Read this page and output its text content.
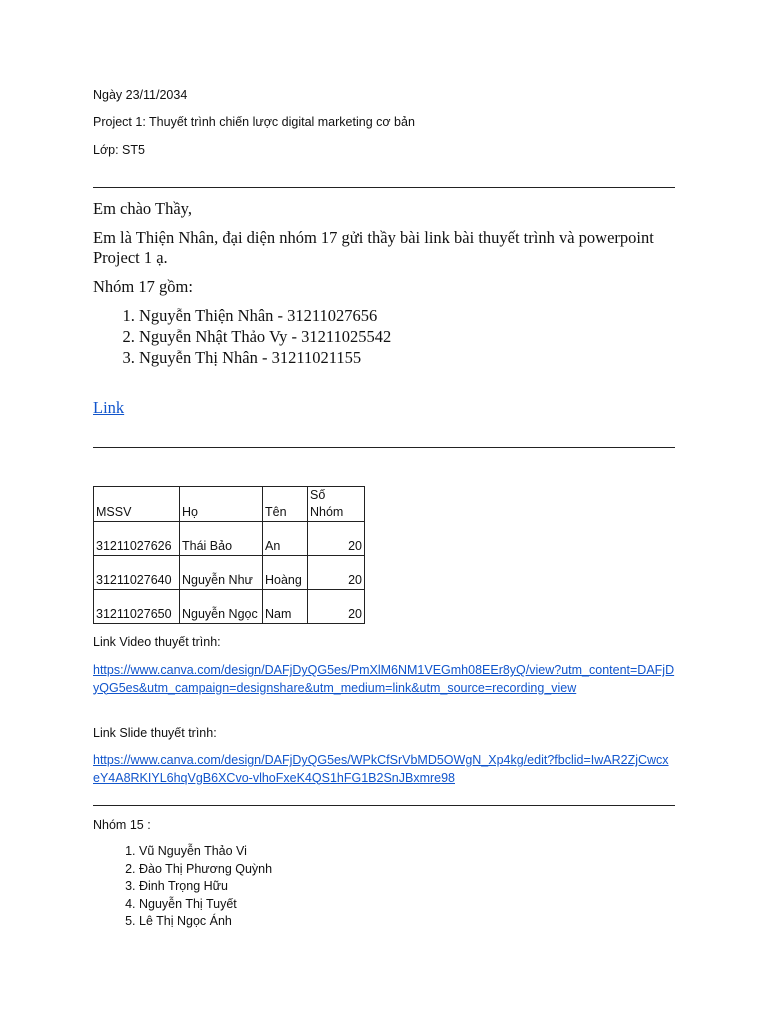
Ngày 23/11/2034

Project 1: Thuyết trình chiến lược digital marketing cơ bản

Lớp: ST5

Em chào Thầy,

Em là Thiện Nhân, đại diện nhóm 17 gửi thầy bài link bài thuyết trình và powerpoint Project 1 ạ.

Nhóm 17 gồm:

1. Nguyễn Thiện Nhân - 31211027656
2. Nguyễn Nhật Thảo Vy - 31211025542
3. Nguyễn Thị Nhân - 31211021155
Link
MSSV	Họ	Tên	Số Nhóm
31211027626	Thái Bảo	An	20
31211027640	Nguyễn Như	Hoàng	20
31211027650	Nguyễn Ngọc	Nam	20

Link Video thuyết trình:

https://www.canva.com/design/DAFjDyQG5es/PmXlM6NM1VEGmh08EEr8yQ/view?utm_content=DAFjDyQG5es&utm_campaign=designshare&utm_medium=link&utm_source=recording_view

Link Slide thuyết trình:

https://www.canva.com/design/DAFjDyQG5es/WPkCfSrVbMD5OWgN_Xp4kg/edit?fbclid=IwAR2ZjCwcxeY4A8RKIYL6hqVgB6XCvo-vlhoFxeK4QS1hFG1B2SnJBxmre98

Nhóm 15 :

1. Vũ Nguyễn Thảo Vi
2. Đào Thị Phương Quỳnh
3. Đinh Trọng Hữu
4. Nguyễn Thị Tuyết
5. Lê Thị Ngọc Ánh
